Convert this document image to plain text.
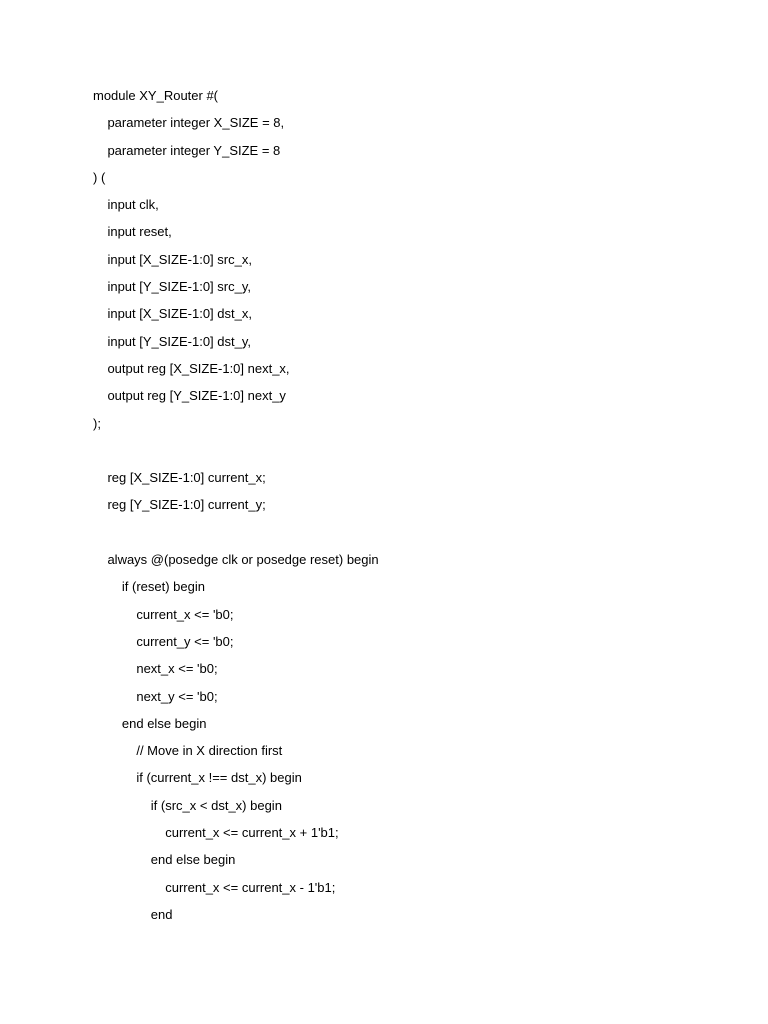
module XY_Router #(
parameter integer X_SIZE = 8,
parameter integer Y_SIZE = 8
) (
input clk,
input reset,
input [X_SIZE-1:0] src_x,
input [Y_SIZE-1:0] src_y,
input [X_SIZE-1:0] dst_x,
input [Y_SIZE-1:0] dst_y,
output reg [X_SIZE-1:0] next_x,
output reg [Y_SIZE-1:0] next_y
);
reg [X_SIZE-1:0] current_x;
reg [Y_SIZE-1:0] current_y;
always @(posedge clk or posedge reset) begin
if (reset) begin
current_x <= 'b0;
current_y <= 'b0;
next_x <= 'b0;
next_y <= 'b0;
end else begin
// Move in X direction first
if (current_x !== dst_x) begin
if (src_x < dst_x) begin
current_x <= current_x + 1'b1;
end else begin
current_x <= current_x - 1'b1;
end
